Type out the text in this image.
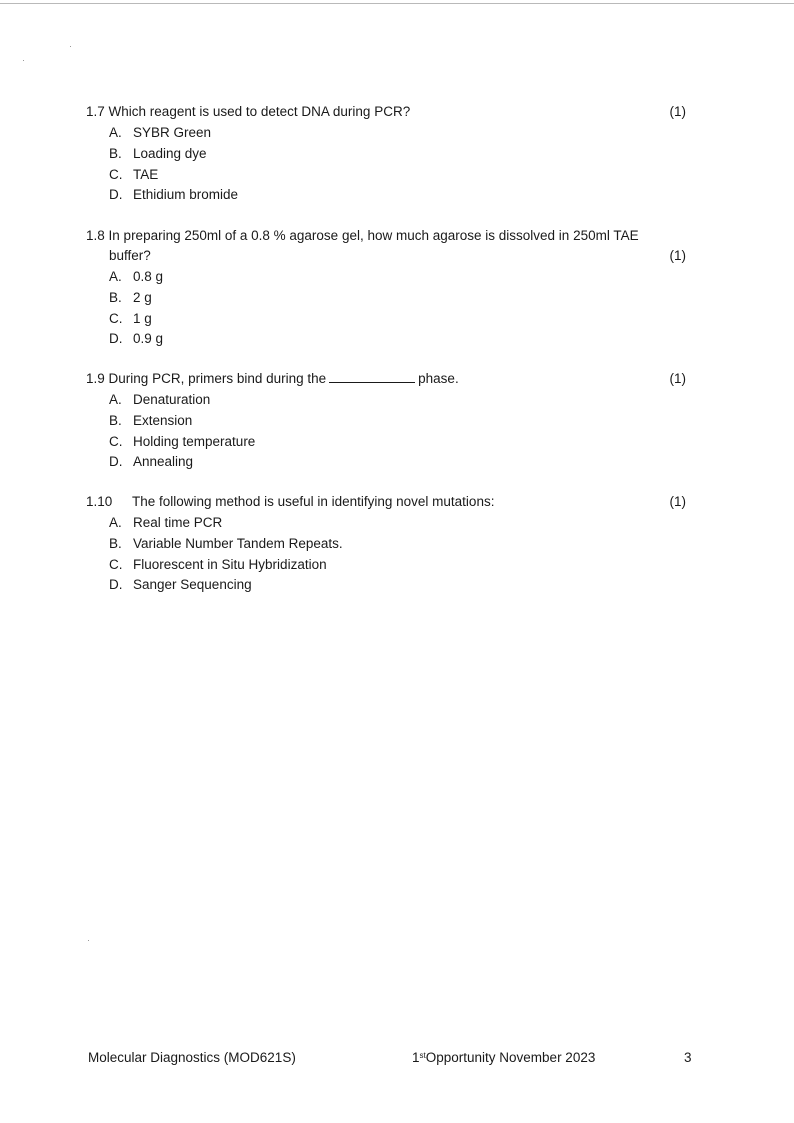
1.7 Which reagent is used to detect DNA during PCR?	(1)
A. SYBR Green
B. Loading dye
C. TAE
D. Ethidium bromide
1.8 In preparing 250ml of a 0.8 % agarose gel, how much agarose is dissolved in 250ml TAE
buffer?	(1)
A. 0.8 g
B. 2 g
C. 1 g
D. 0.9 g
1.9 During PCR, primers bind during the	phase.	(1)
A. Denaturation
B. Extension
C. Holding temperature
D. Annealing
1.10 The following method is useful in identifying novel mutations:	(1)
A. Real time PCR
B. Variable Number Tandem Repeats.
C. Fluorescent in Situ Hybridization
D. Sanger Sequencing
Molecular Diagnostics (MOD621S)	1stOpportunity November 2023	3
